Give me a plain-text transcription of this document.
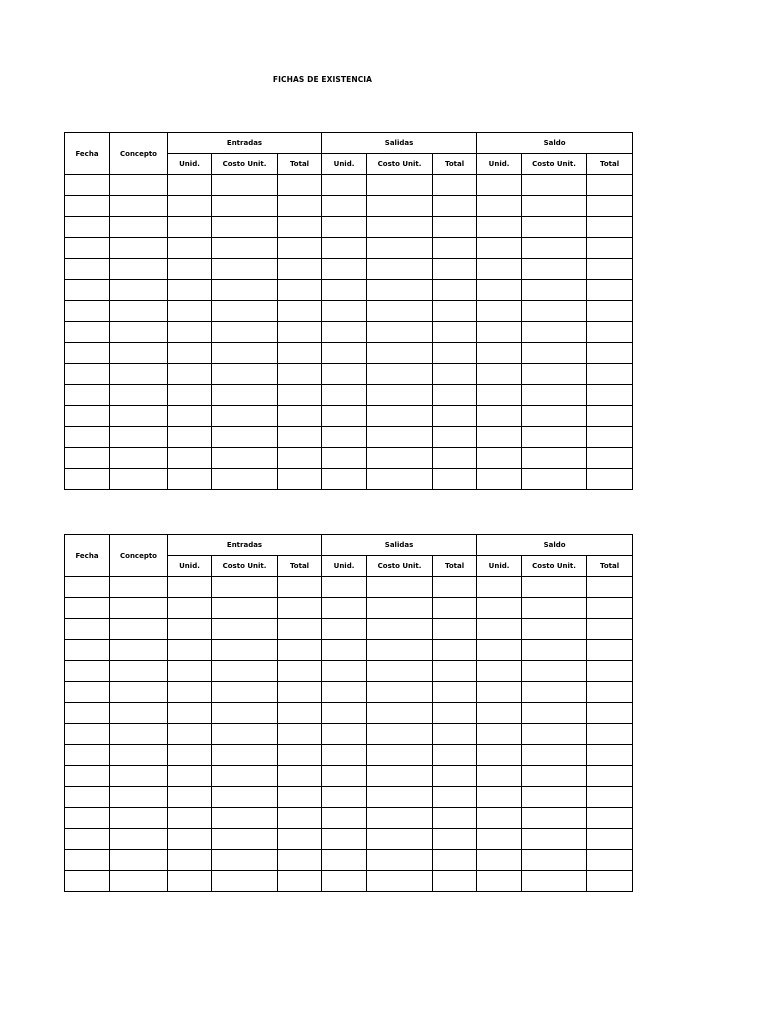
FICHAS DE EXISTENCIA
Fecha	Concepto	Entradas			Salidas			Saldo		
		Unid.	Costo Unit.	Total	Unid.	Costo Unit.	Total	Unid.	Costo Unit.	Total

Fecha	Concepto	Entradas			Salidas			Saldo		
		Unid.	Costo Unit.	Total	Unid.	Costo Unit.	Total	Unid.	Costo Unit.	Total
